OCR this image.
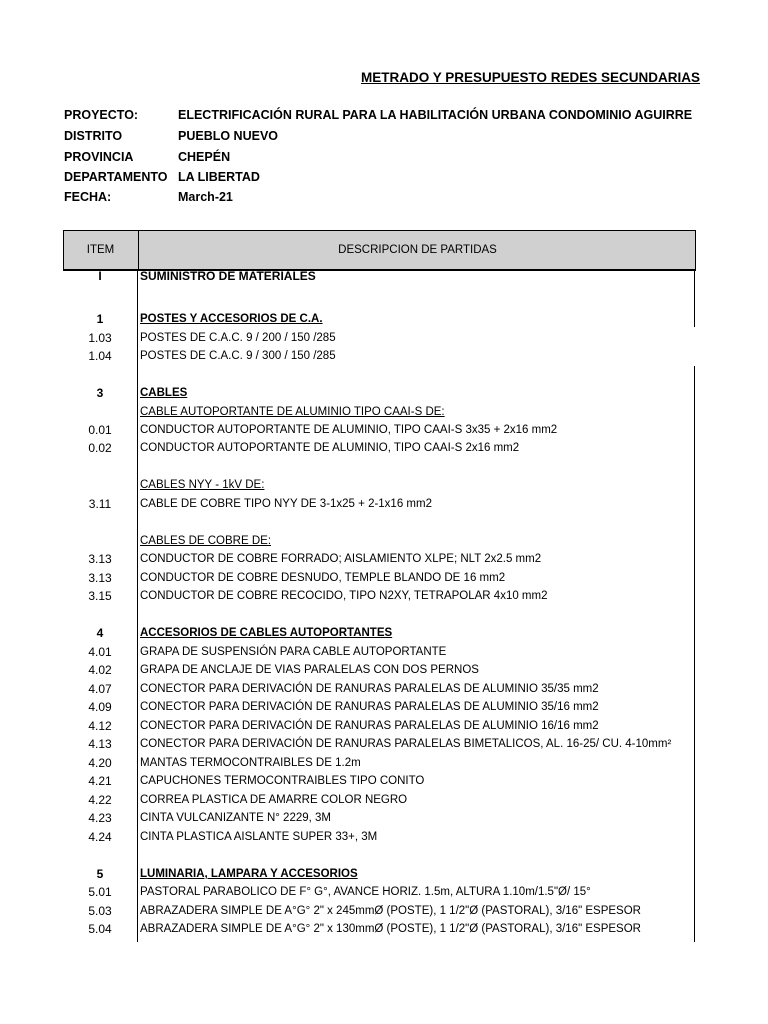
METRADO Y PRESUPUESTO REDES SECUNDARIAS
PROYECTO:	ELECTRIFICACIÓN RURAL PARA LA HABILITACIÓN URBANA CONDOMINIO AGUIRRE
DISTRITO	PUEBLO NUEVO
PROVINCIA	CHEPÉN
DEPARTAMENTO LA LIBERTAD
FECHA:	March-21
ITEM	DESCRIPCION DE PARTIDAS
I	SUMINISTRO DE MATERIALES
1	POSTES Y ACCESORIOS DE C.A.
1.03	POSTES DE C.A.C. 9 / 200 / 150 /285
1.04	POSTES DE C.A.C. 9 / 300 / 150 /285
3	CABLES
CABLE AUTOPORTANTE DE ALUMINIO TIPO CAAI-S DE:
0.01	CONDUCTOR AUTOPORTANTE DE ALUMINIO, TIPO CAAI-S 3x35 + 2x16 mm2
0.02	CONDUCTOR AUTOPORTANTE DE ALUMINIO, TIPO CAAI-S 2x16 mm2
CABLES NYY - 1kV DE:
3.11	CABLE DE COBRE TIPO NYY DE 3-1x25 + 2-1x16 mm2
CABLES DE COBRE DE:
3.13	CONDUCTOR DE COBRE FORRADO; AISLAMIENTO XLPE; NLT 2x2.5 mm2
3.13	CONDUCTOR DE COBRE DESNUDO, TEMPLE BLANDO DE 16 mm2
3.15	CONDUCTOR DE COBRE RECOCIDO, TIPO N2XY, TETRAPOLAR 4x10 mm2
4	ACCESORIOS DE CABLES AUTOPORTANTES
4.01	GRAPA DE SUSPENSIÓN PARA CABLE AUTOPORTANTE
4.02	GRAPA DE ANCLAJE DE VIAS PARALELAS CON DOS PERNOS
4.07	CONECTOR PARA DERIVACIÓN DE RANURAS PARALELAS DE ALUMINIO 35/35 mm2
4.09	CONECTOR PARA DERIVACIÓN DE RANURAS PARALELAS DE ALUMINIO 35/16 mm2
4.12	CONECTOR PARA DERIVACIÓN DE RANURAS PARALELAS DE ALUMINIO 16/16 mm2
4.13	CONECTOR PARA DERIVACIÓN DE RANURAS PARALELAS BIMETALICOS, AL. 16-25/ CU. 4-10mm²
4.20	MANTAS TERMOCONTRAIBLES DE 1.2m
4.21	CAPUCHONES TERMOCONTRAIBLES TIPO CONITO
4.22	CORREA PLASTICA DE AMARRE COLOR NEGRO
4.23	CINTA VULCANIZANTE N° 2229, 3M
4.24	CINTA PLASTICA AISLANTE SUPER 33+, 3M
5	LUMINARIA, LAMPARA Y ACCESORIOS
5.01	PASTORAL PARABOLICO DE F° G°, AVANCE HORIZ. 1.5m, ALTURA 1.10m/1.5"Ø/ 15°
5.03	ABRAZADERA SIMPLE DE A°G° 2" x 245mmØ (POSTE), 1 1/2"Ø (PASTORAL), 3/16" ESPESOR
5.04	ABRAZADERA SIMPLE DE A°G° 2" x 130mmØ (POSTE), 1 1/2"Ø (PASTORAL), 3/16" ESPESOR
